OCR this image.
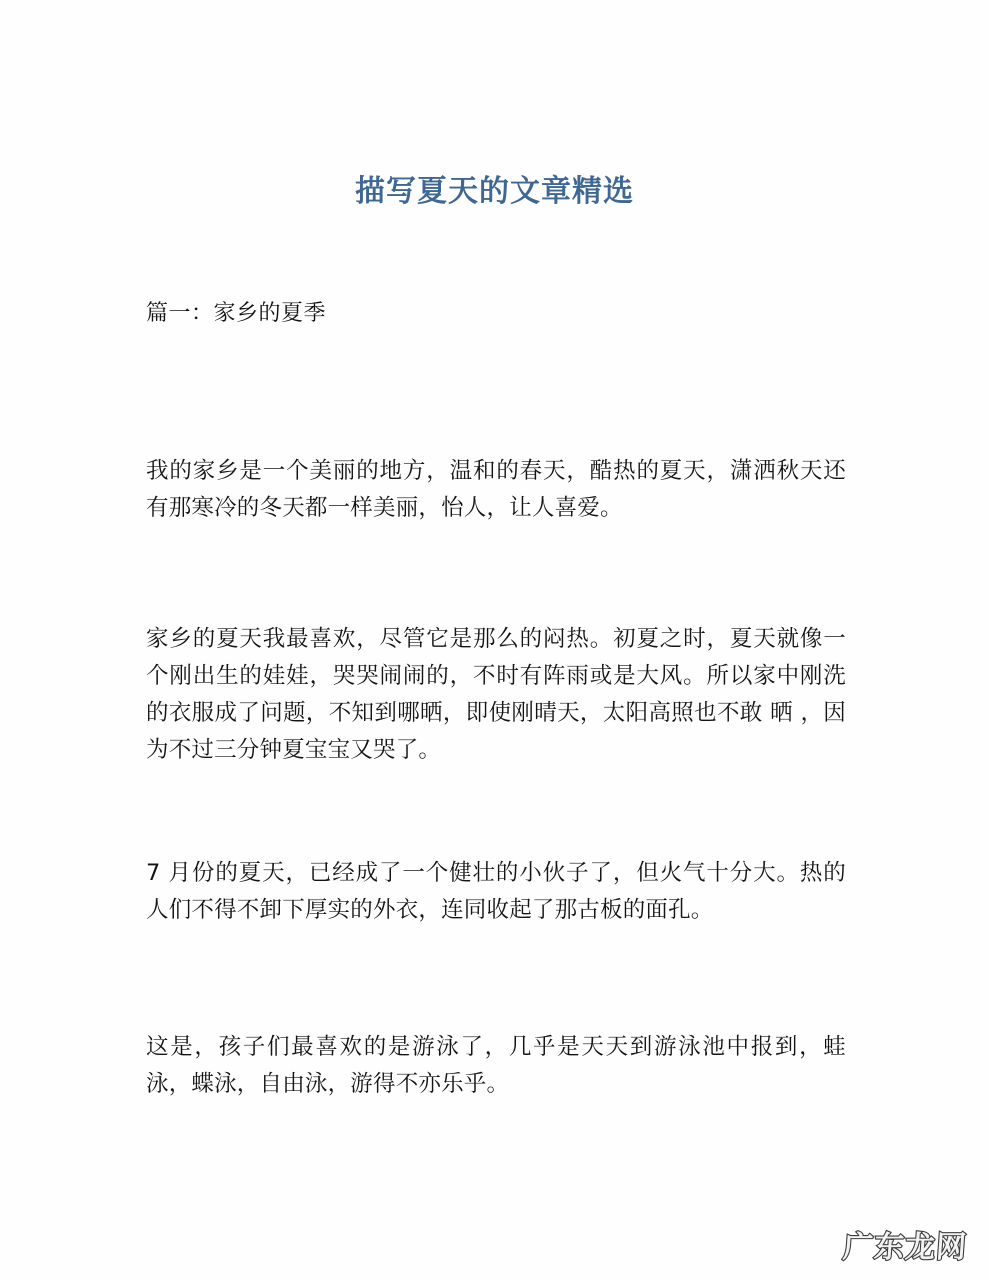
描写夏天的文章精选
篇一：家乡的夏季

我的家乡是一个美丽的地方，温和的春天，酷热的夏天，潇洒秋天还有那寒冷的冬天都一样美丽，怡人，让人喜爱。

家乡的夏天我最喜欢，尽管它是那么的闷热。初夏之时，夏天就像一个刚出生的娃娃，哭哭闹闹的，不时有阵雨或是大风。所以家中刚洗的衣服成了问题，不知到哪晒，即使刚晴天，太阳高照也不敢 晒 ，因为不过三分钟夏宝宝又哭了。

7 月份的夏天，已经成了一个健壮的小伙子了，但火气十分大。热的人们不得不卸下厚实的外衣，连同收起了那古板的面孔。

这是，孩子们最喜欢的是游泳了，几乎是天天到游泳池中报到，蛙泳，蝶泳，自由泳，游得不亦乐乎。

广东龙网
